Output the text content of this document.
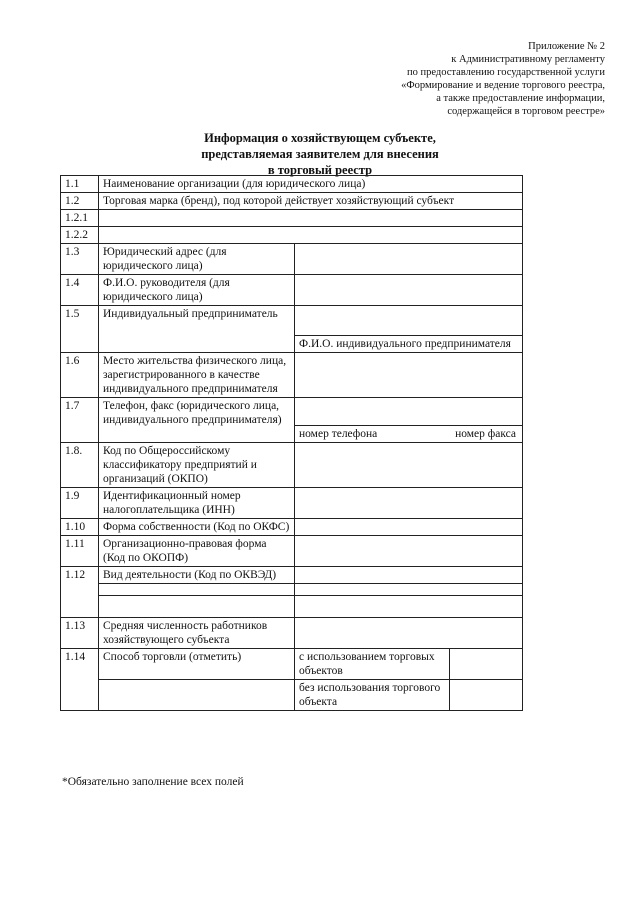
Приложение № 2
к Административному регламенту
по предоставлению государственной услуги
«Формирование и ведение торгового реестра,
а также предоставление информации,
содержащейся в торговом реестре»
Информация о хозяйствующем субъекте,
представляемая заявителем для внесения
в торговый реестр
1.1	Наименование организации (для юридического лица)		
1.2	Торговая марка (бренд), под которой действует хозяйствующий субъект		
1.2.1			
1.2.2			
1.3	Юридический адрес (для юридического лица)		
1.4	Ф.И.О. руководителя (для юридического лица)		
1.5	Индивидуальный предприниматель	Ф.И.О. индивидуального предпринимателя	

1.6	Место жительства физического лица, зарегистрированного в качестве индивидуального предпринимателя		
1.7	Телефон, факс (юридического лица, индивидуального предпринимателя)	номер телефона номер факса	

1.8.	Код по Общероссийскому классификатору предприятий и организаций (ОКПО)		
1.9	Идентификационный номер налогоплательщика (ИНН)		
1.10	Форма собственности (Код по ОКФС)		
1.11	Организационно-правовая форма (Код по ОКОПФ)		
1.12	Вид деятельности (Код по ОКВЭД)		

1.13	Средняя численность работников хозяйствующего субъекта		
1.14	Способ торговли (отметить)	с использованием торговых объектов	
		без использования торгового объекта	
*Обязательно заполнение всех полей
